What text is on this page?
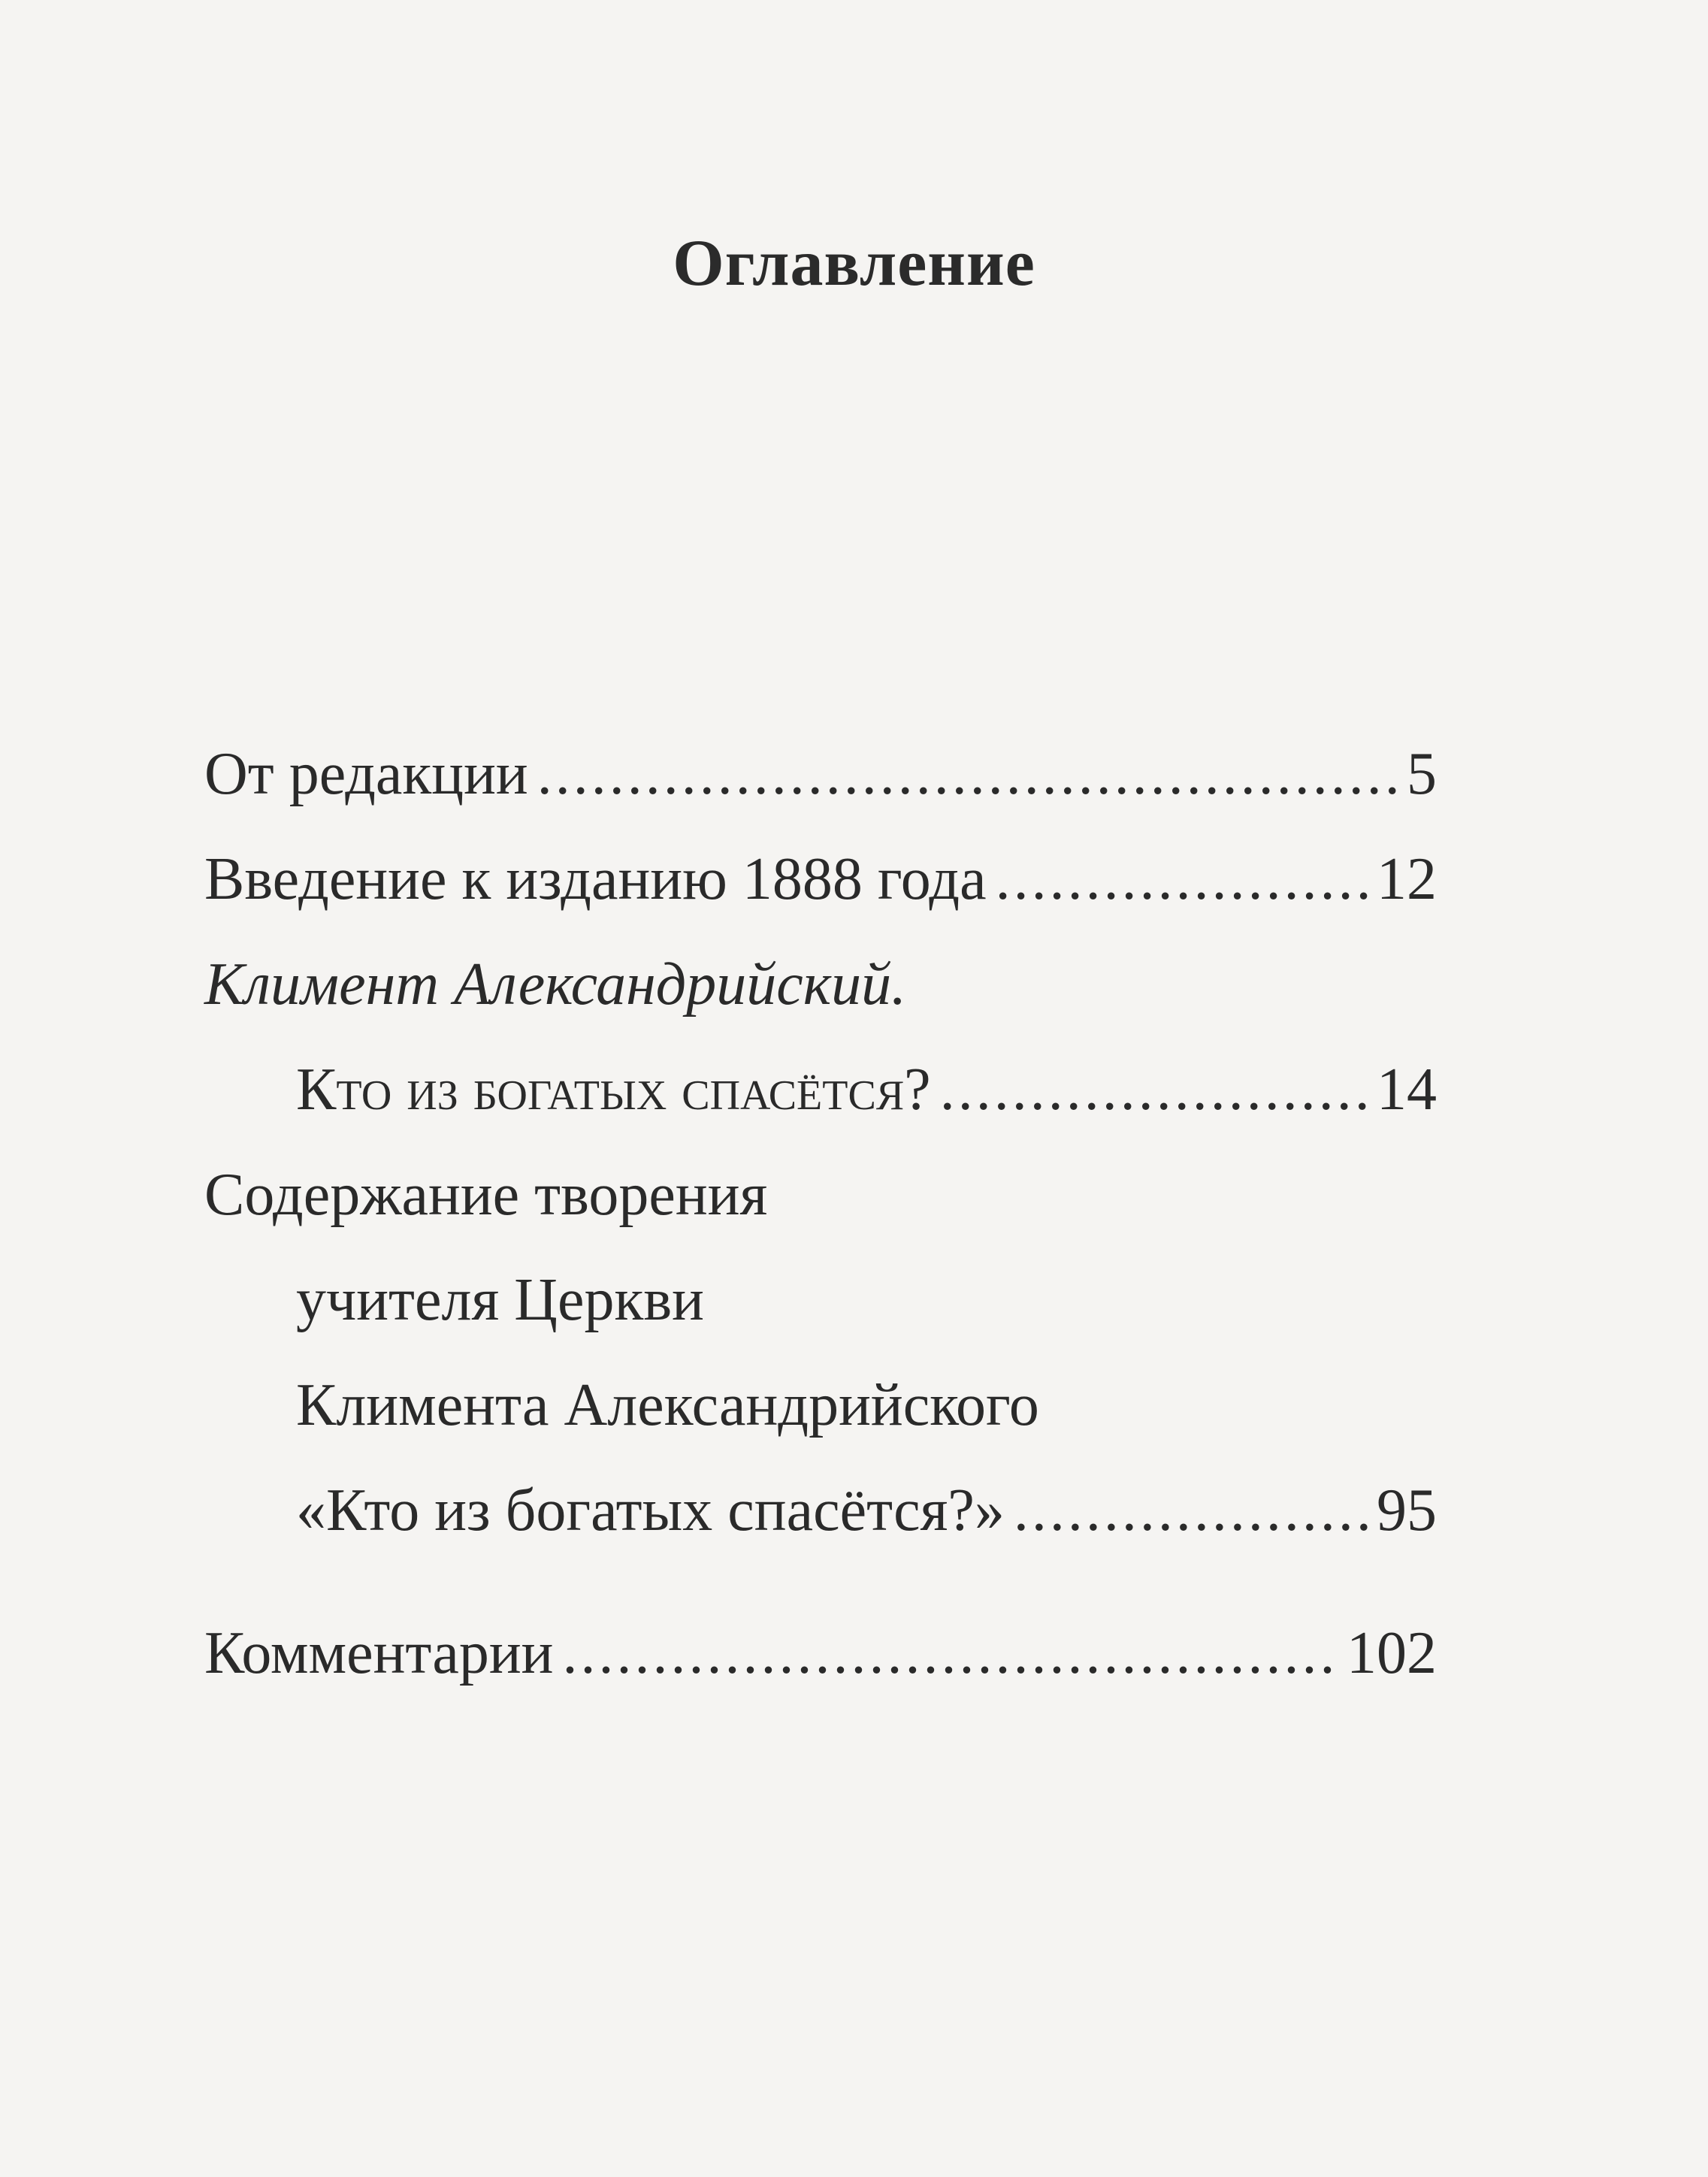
Оглавление
От редакции .....	5
Введение к изданию 1888 года .....	12
Климент Александрийский.
Кто из богатых спасётся? .....	14
Содержание творения
учителя Церкви
Климента Александрийского
«Кто из богатых спасётся?» .....	95
Комментарии .....	102
